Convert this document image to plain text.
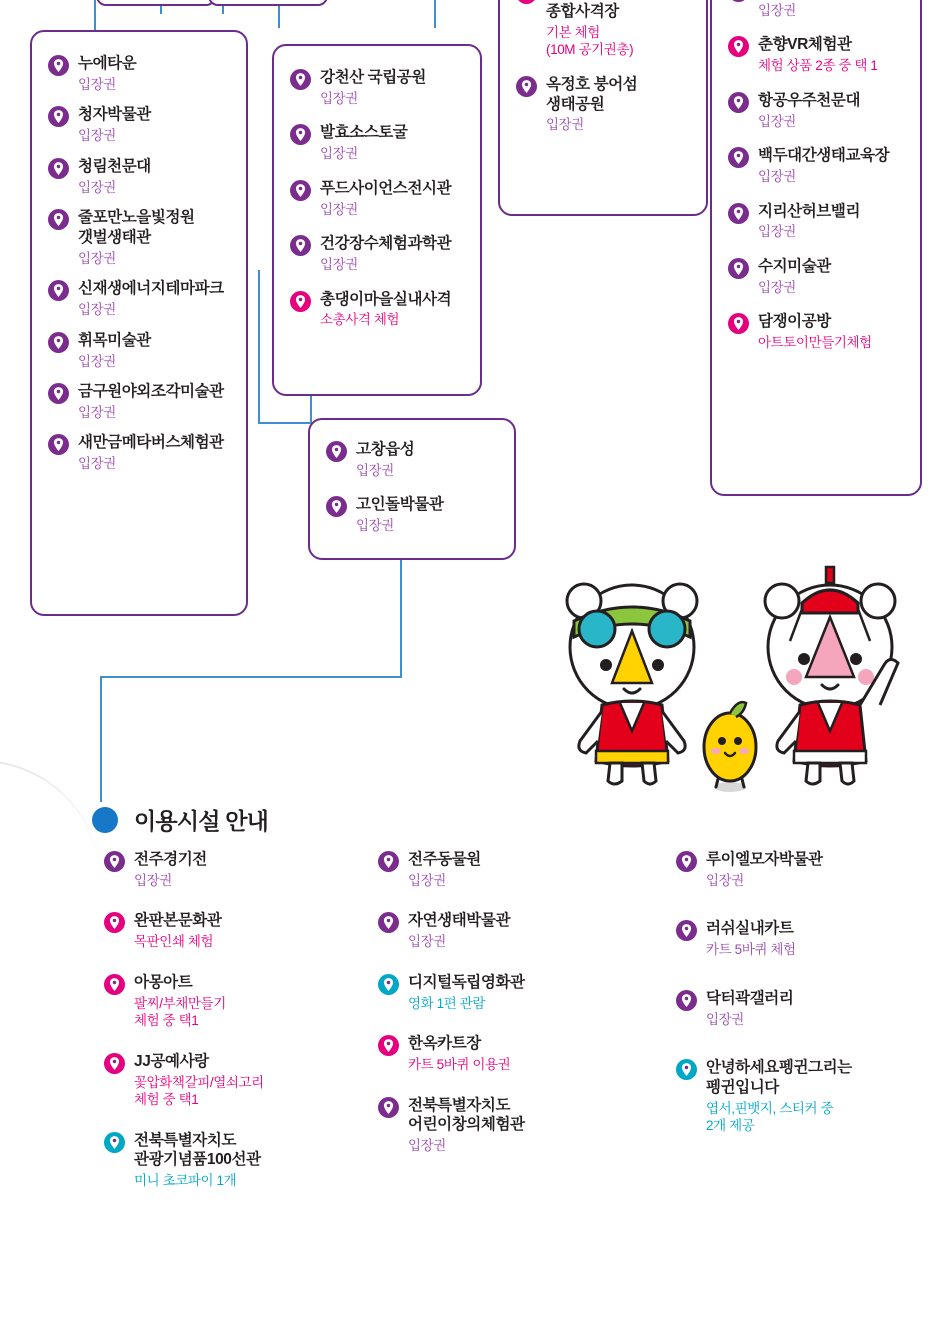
누에타운
입장권
청자박물관
입장권
청림천문대
입장권
줄포만노을빛정원
갯벌생태관
입장권
신재생에너지테마파크
입장권
휘목미술관
입장권
금구원야외조각미술관
입장권
새만금메타버스체험관
입장권
강천산 국립공원
입장권
발효소스토굴
입장권
푸드사이언스전시관
입장권
건강장수체험과학관
입장권
총댕이마을실내사격
소총사격 체험
고창읍성
입장권
고인돌박물관
입장권

종합사격장
기본 체험
(10M 공기권총)
옥정호 붕어섬
생태공원
입장권
입장권
춘향VR체험관
체험 상품 2종 중 택 1
항공우주천문대
입장권
백두대간생태교육장
입장권
지리산허브밸리
입장권
수지미술관
입장권
담쟁이공방
아트토이만들기체험
이용시설 안내
전주경기전
입장권
완판본문화관
목판인쇄 체험
아몽아트
팔찌/부채만들기
체험 중 택1
JJ공예사랑
꽃압화책갈피/열쇠고리
체험 중 택1
전북특별자치도
관광기념품100선관
미니 초코파이 1개
전주동물원
입장권
자연생태박물관
입장권
디지털독립영화관
영화 1편 관람
한옥카트장
카트 5바퀴 이용권
전북특별자치도
어린이창의체험관
입장권
루이엘모자박물관
입장권
러쉬실내카트
카트 5바퀴 체험
닥터곽갤러리
입장권
안녕하세요펭귄그리는
펭귄입니다
엽서,핀뱃지, 스티커 중
2개 제공
